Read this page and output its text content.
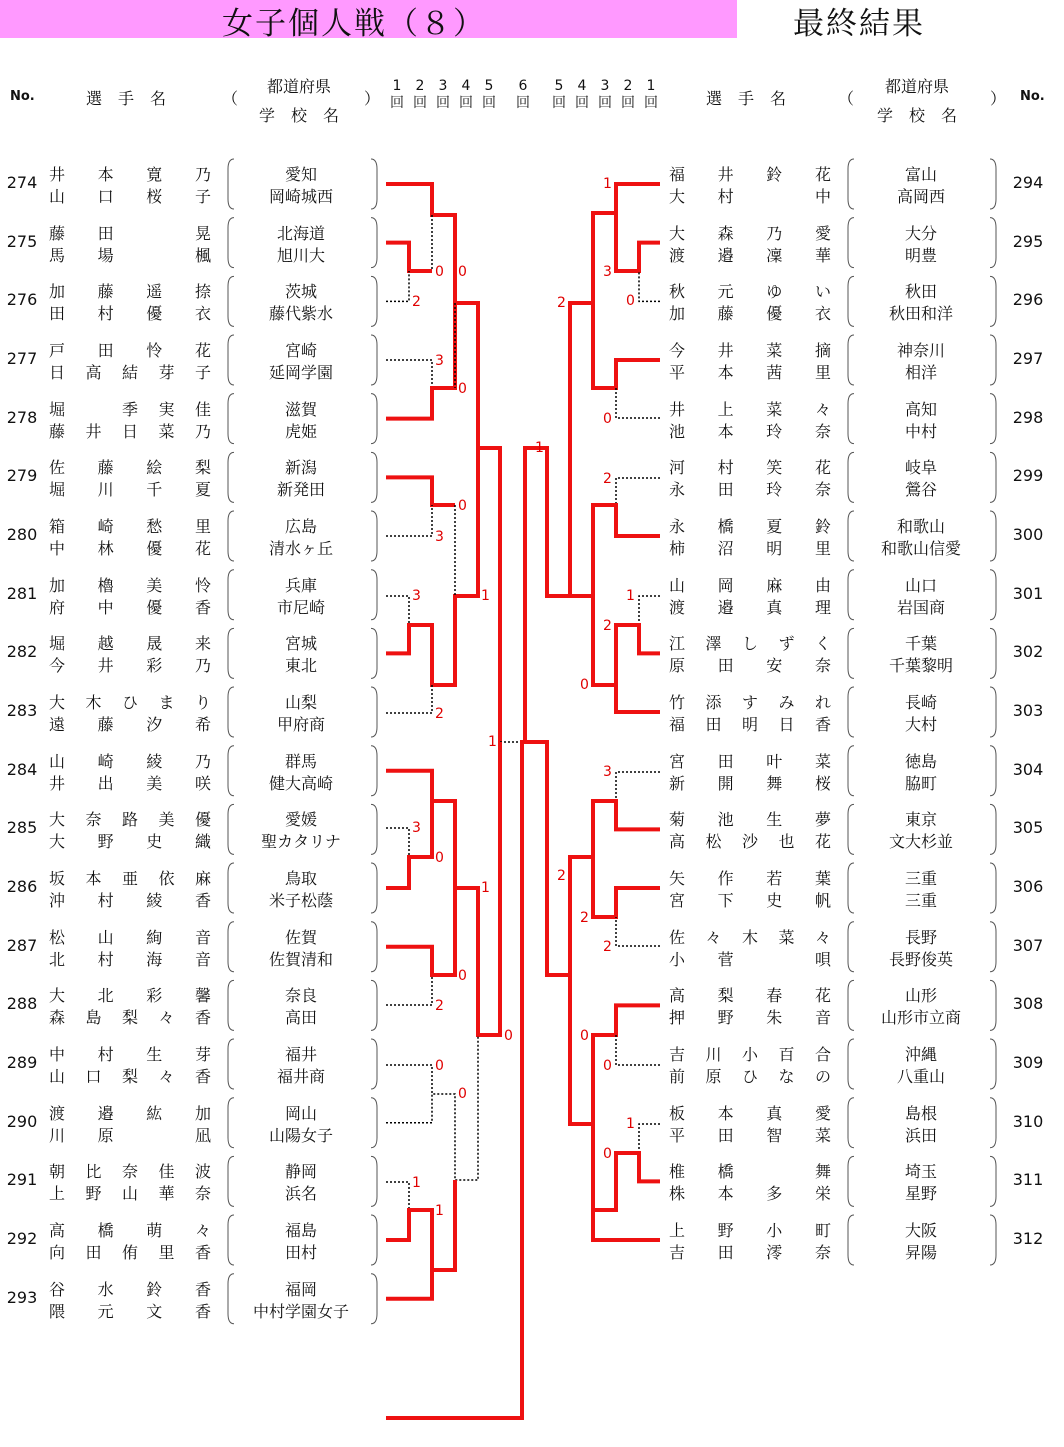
女子個人戦（８）	最終結果
No.	選　手　名	（
都道府県
学　校　名
）	選　手　名	（
都道府県
学　校　名
） No.
1
回
2
回
3
回
4
回
5
回
6
回
5
回
4
回
3
回
2
回
1
回
274 井 本 寛 乃
山 口 桜 子
愛知
岡崎城西
275 藤 田	晃
馬 場	楓
北海道
旭川大
276 加 藤 遥 捺
田 村 優 衣
茨城
藤代紫水
277 戸 田 怜 花
日 高 結 芽 子
宮崎
延岡学園
278 堀	季 実 佳
藤 井 日 菜 乃
滋賀
虎姫
279 佐 藤 絵 梨
堀 川 千 夏
新潟
新発田
280 箱 崎 愁 里
中 林 優 花
広島
清水ヶ丘
281 加 櫓 美 怜
府 中 優 香
兵庫
市尼崎
282 堀 越 晟 来
今 井 彩 乃
宮城
東北
283 大 木 ひ ま り
遠 藤 汐 希
山梨
甲府商
284 山 崎 綾 乃
井 出 美 咲
群馬
健大高崎
285 大 奈 路 美 優
大 野 史 織
愛媛
聖カタリナ
286 坂 本 亜 依 麻
沖 村 綾 香
鳥取
米子松蔭
287 松 山 絢 音
北 村 海 音
佐賀
佐賀清和
288 大 北 彩 馨
森 島 梨 々 香
奈良
高田
289 中 村 生 芽
山 口 梨 々 香
福井
福井商
290 渡 邉 紘 加
川 原	凪
岡山
山陽女子
291 朝 比 奈 佳 波
上 野 山 華 奈
静岡
浜名
292 高 橋 萌 々
向 田 侑 里 香
福島
田村
293 谷 水 鈴 香
隈 元 文 香
福岡
中村学園女子
294
福 井 鈴 花
大 村	中
富山
高岡西
295
大 森 乃 愛
渡 邉 凜 華
大分
明豊
296
秋 元 ゆ い
加 藤 優 衣
秋田
秋田和洋
297
今 井 菜 摘
平 本 茜 里
神奈川
相洋
298
井 上 菜 々
池 本 玲 奈
高知
中村
299
河 村 笑 花
永 田 玲 奈
岐阜
鶯谷
300
永 橋 夏 鈴
柿 沼 明 里
和歌山
和歌山信愛
301
山 岡 麻 由
渡 邉 真 理
山口
岩国商
302
江 澤 し ず く
原 田 安 奈
千葉
千葉黎明
303
竹 添 す み れ
福 田 明 日 香
長崎
大村
304
宮 田 叶 菜
新 開 舞 桜
徳島
脇町
305
菊 池 生 夢
高 松 沙 也 花
東京
文大杉並
306
矢 作 若 葉
宮 下 史 帆
三重
三重
307
佐 々 木 菜 々
小 菅	唄
長野
長野俊英
308
高 梨 春 花
押 野 朱 音
山形
山形市立商
309
吉 川 小 百 合
前 原 ひ な の
沖縄
八重山
310
板 本 真 愛
平 田 智 菜
島根
浜田
311
椎 橋	舞
株 本 多 栄
埼玉
星野
312
上 野 小 町
吉 田 澪 奈
大阪
昇陽
0
2
3
0
0
0
3
3	1
2
1
3
0
1
0
2
0
0
0
1
1
1
3
0
2
0
2
1
2
0
1
3
2
2
2
0
0
1
0
